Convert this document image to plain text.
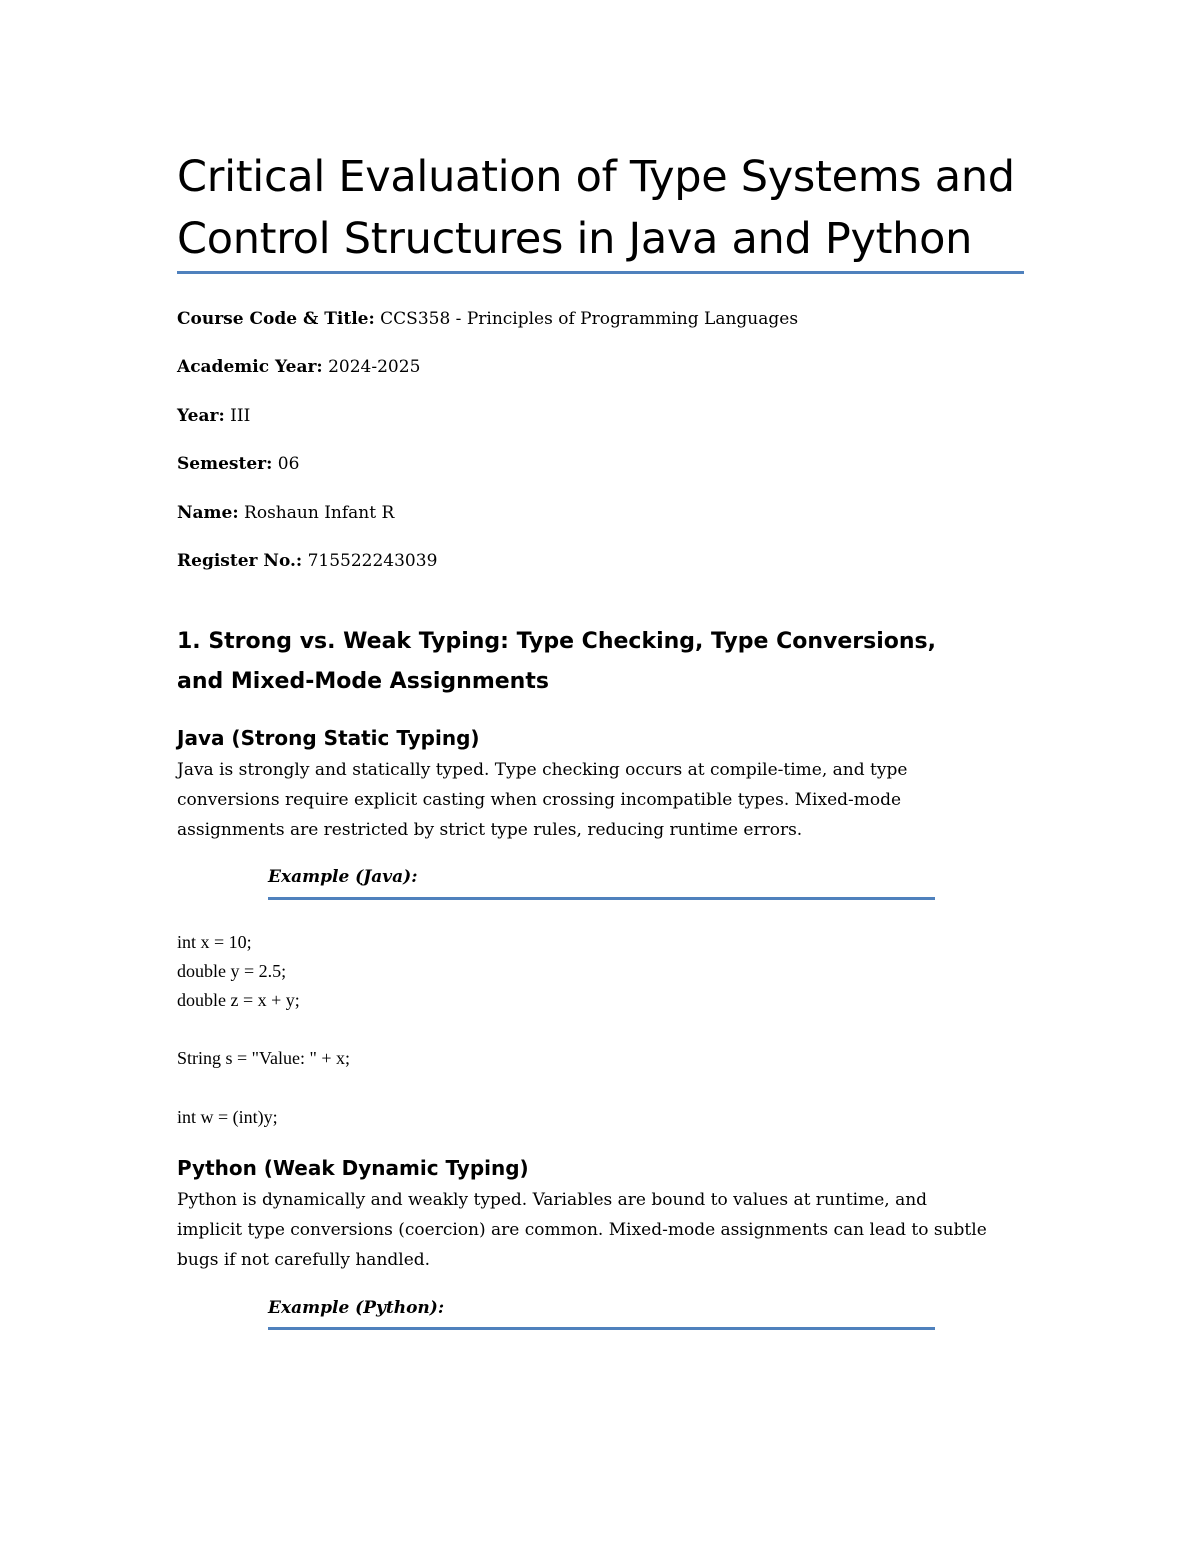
Critical Evaluation of Type Systems and Control Structures in Java and Python

Course Code & Title: CCS358 - Principles of Programming Languages

Academic Year: 2024-2025

Year: III

Semester: 06

Name: Roshaun Infant R

Register No.: 715522243039

1. Strong vs. Weak Typing: Type Checking, Type Conversions, and Mixed-Mode Assignments
Java (Strong Static Typing)

Java is strongly and statically typed. Type checking occurs at compile-time, and type conversions require explicit casting when crossing incompatible types. Mixed-mode assignments are restricted by strict type rules, reducing runtime errors.

Example (Java):

int x = 10;

double y = 2.5;

double z = x + y;

String s = "Value: " + x;

int w = (int)y;

Python (Weak Dynamic Typing)

Python is dynamically and weakly typed. Variables are bound to values at runtime, and implicit type conversions (coercion) are common. Mixed-mode assignments can lead to subtle bugs if not carefully handled.

Example (Python):
